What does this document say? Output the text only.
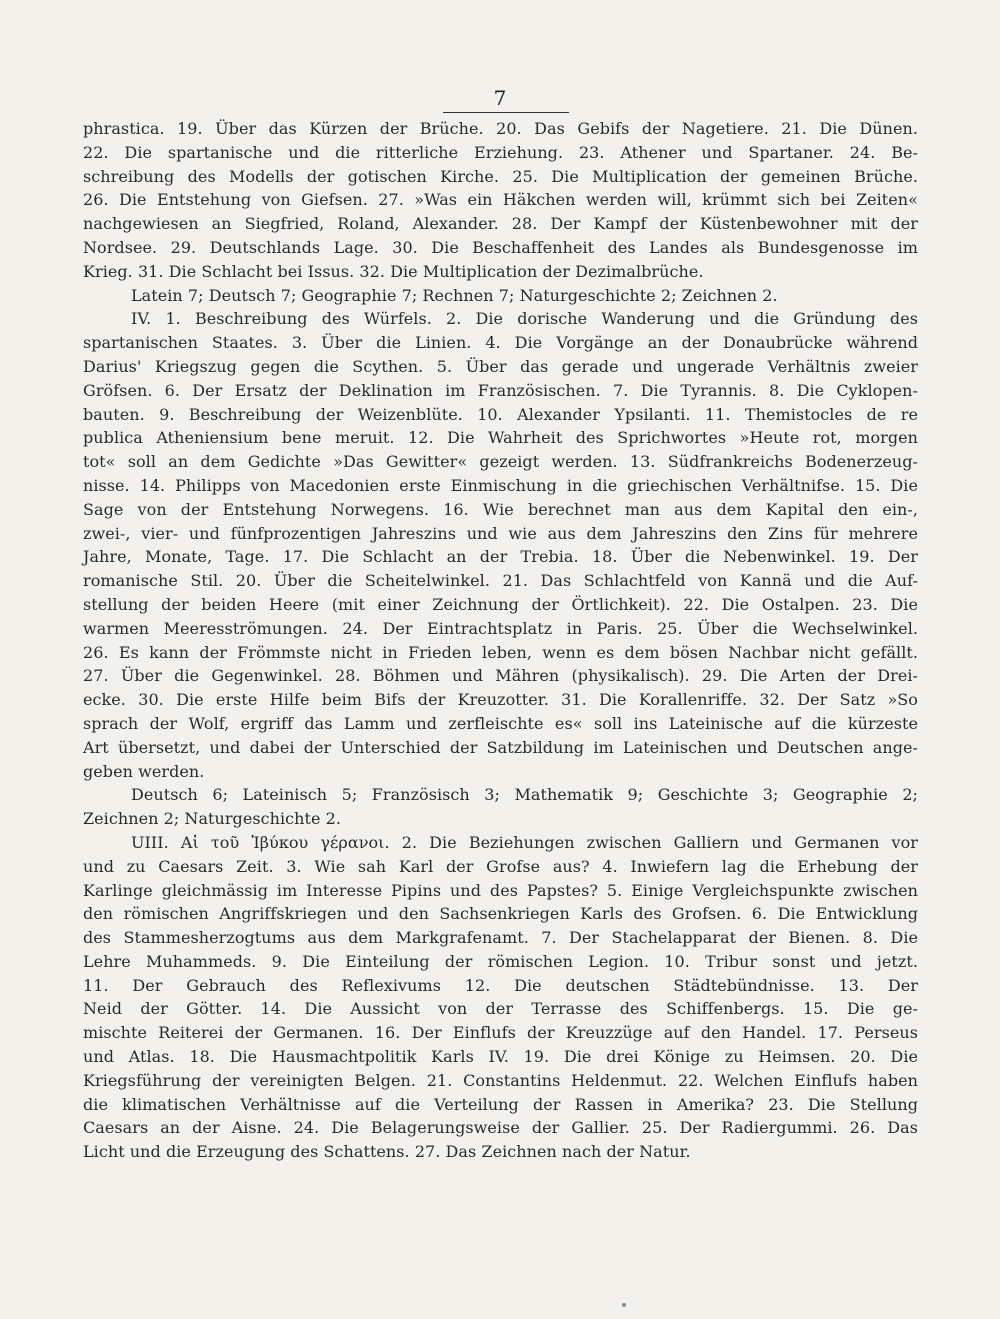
7
phrastica. 19. Über das Kürzen der Brüche. 20. Das Gebifs der Nagetiere. 21. Die Dünen.
22. Die spartanische und die ritterliche Erziehung. 23. Athener und Spartaner. 24. Be-
schreibung des Modells der gotischen Kirche. 25. Die Multiplication der gemeinen Brüche.
26. Die Entstehung von Giefsen. 27. »Was ein Häkchen werden will, krümmt sich bei Zeiten«
nachgewiesen an Siegfried, Roland, Alexander. 28. Der Kampf der Küstenbewohner mit der
Nordsee. 29. Deutschlands Lage. 30. Die Beschaffenheit des Landes als Bundesgenosse im
Krieg. 31. Die Schlacht bei Issus. 32. Die Multiplication der Dezimalbrüche.
Latein 7; Deutsch 7; Geographie 7; Rechnen 7; Naturgeschichte 2; Zeichnen 2.
IV. 1. Beschreibung des Würfels. 2. Die dorische Wanderung und die Gründung des
spartanischen Staates. 3. Über die Linien. 4. Die Vorgänge an der Donaubrücke während
Darius' Kriegszug gegen die Scythen. 5. Über das gerade und ungerade Verhältnis zweier
Gröfsen. 6. Der Ersatz der Deklination im Französischen. 7. Die Tyrannis. 8. Die Cyklopen-
bauten. 9. Beschreibung der Weizenblüte. 10. Alexander Ypsilanti. 11. Themistocles de re
publica Atheniensium bene meruit. 12. Die Wahrheit des Sprichwortes »Heute rot, morgen
tot« soll an dem Gedichte »Das Gewitter« gezeigt werden. 13. Südfrankreichs Bodenerzeug-
nisse. 14. Philipps von Macedonien erste Einmischung in die griechischen Verhältnifse. 15. Die
Sage von der Entstehung Norwegens. 16. Wie berechnet man aus dem Kapital den ein-,
zwei-, vier- und fünfprozentigen Jahreszins und wie aus dem Jahreszins den Zins für mehrere
Jahre, Monate, Tage. 17. Die Schlacht an der Trebia. 18. Über die Nebenwinkel. 19. Der
romanische Stil. 20. Über die Scheitelwinkel. 21. Das Schlachtfeld von Kannä und die Auf-
stellung der beiden Heere (mit einer Zeichnung der Örtlichkeit). 22. Die Ostalpen. 23. Die
warmen Meeresströmungen. 24. Der Eintrachtsplatz in Paris. 25. Über die Wechselwinkel.
26. Es kann der Frömmste nicht in Frieden leben, wenn es dem bösen Nachbar nicht gefällt.
27. Über die Gegenwinkel. 28. Böhmen und Mähren (physikalisch). 29. Die Arten der Drei-
ecke. 30. Die erste Hilfe beim Bifs der Kreuzotter. 31. Die Korallenriffe. 32. Der Satz »So
sprach der Wolf, ergriff das Lamm und zerfleischte es« soll ins Lateinische auf die kürzeste
Art übersetzt, und dabei der Unterschied der Satzbildung im Lateinischen und Deutschen ange-
geben werden.
Deutsch 6; Lateinisch 5; Französisch 3; Mathematik 9; Geschichte 3; Geographie 2;
Zeichnen 2; Naturgeschichte 2.
UIII. Αἱ τοῦ Ἰβύκου γέρανοι. 2. Die Beziehungen zwischen Galliern und Germanen vor
und zu Caesars Zeit. 3. Wie sah Karl der Grofse aus? 4. Inwiefern lag die Erhebung der
Karlinge gleichmässig im Interesse Pipins und des Papstes? 5. Einige Vergleichspunkte zwischen
den römischen Angriffskriegen und den Sachsenkriegen Karls des Grofsen. 6. Die Entwicklung
des Stammesherzogtums aus dem Markgrafenamt. 7. Der Stachelapparat der Bienen. 8. Die
Lehre Muhammeds. 9. Die Einteilung der römischen Legion. 10. Tribur sonst und jetzt.
11. Der Gebrauch des Reflexivums 12. Die deutschen Städtebündnisse. 13. Der
Neid der Götter. 14. Die Aussicht von der Terrasse des Schiffenbergs. 15. Die ge-
mischte Reiterei der Germanen. 16. Der Einflufs der Kreuzzüge auf den Handel. 17. Perseus
und Atlas. 18. Die Hausmachtpolitik Karls IV. 19. Die drei Könige zu Heimsen. 20. Die
Kriegsführung der vereinigten Belgen. 21. Constantins Heldenmut. 22. Welchen Einflufs haben
die klimatischen Verhältnisse auf die Verteilung der Rassen in Amerika? 23. Die Stellung
Caesars an der Aisne. 24. Die Belagerungsweise der Gallier. 25. Der Radiergummi. 26. Das
Licht und die Erzeugung des Schattens. 27. Das Zeichnen nach der Natur.
